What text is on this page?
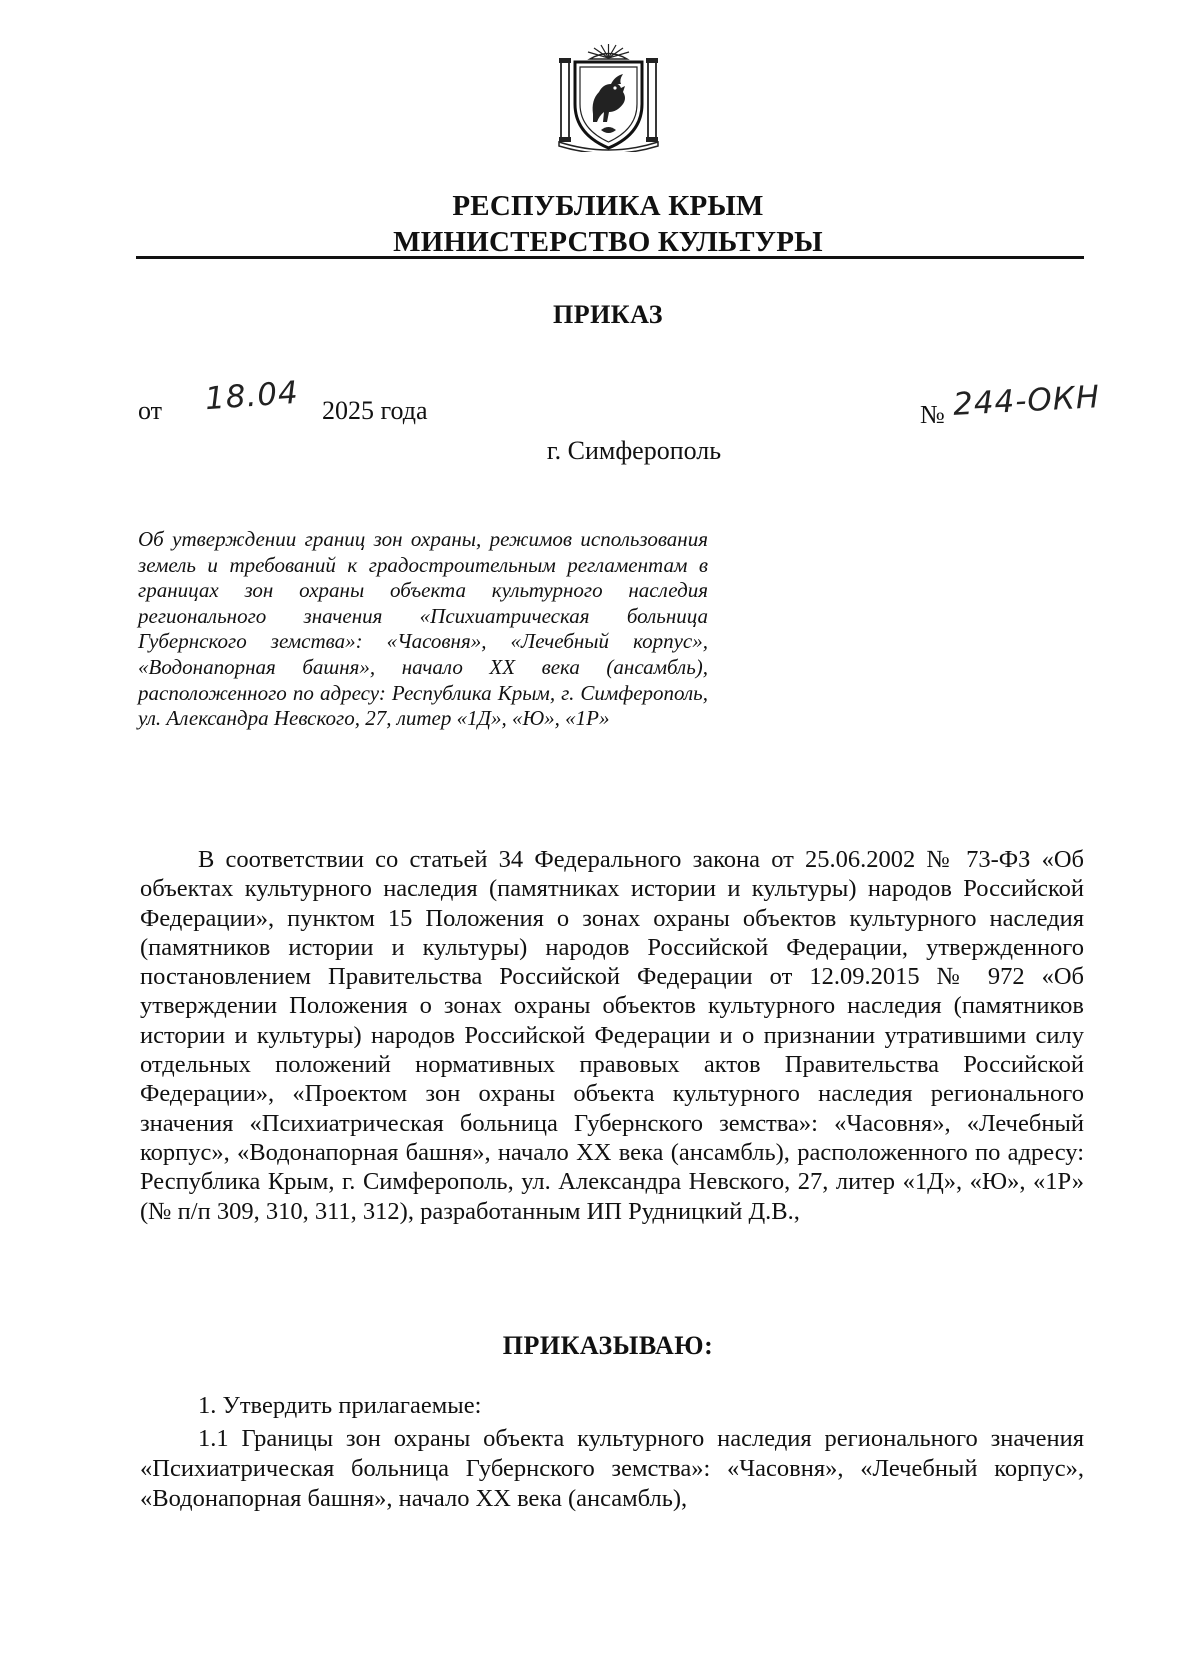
РЕСПУБЛИКА КРЫМ
МИНИСТЕРСТВО КУЛЬТУРЫ
ПРИКАЗ
от 18.04 2025 года	№ 244-ОКН
г. Симферополь
Об утверждении границ зон охраны, режимов использования земель и требований к градостроительным регламентам в границах зон охраны объекта культурного наследия регионального значения «Психиатрическая больница Губернского земства»: «Часовня», «Лечебный корпус», «Водонапорная башня», начало XX века (ансамбль), расположенного по адресу: Республика Крым, г. Симферополь, ул. Александра Невского, 27, литер «1Д», «Ю», «1Р»
В соответствии со статьей 34 Федерального закона от 25.06.2002 № 73-ФЗ «Об объектах культурного наследия (памятниках истории и культуры) народов Российской Федерации», пунктом 15 Положения о зонах охраны объектов культурного наследия (памятников истории и культуры) народов Российской Федерации, утвержденного постановлением Правительства Российской Федерации от 12.09.2015 № 972 «Об утверждении Положения о зонах охраны объектов культурного наследия (памятников истории и культуры) народов Российской Федерации и о признании утратившими силу отдельных положений нормативных правовых актов Правительства Российской Федерации», «Проектом зон охраны объекта культурного наследия регионального значения «Психиатрическая больница Губернского земства»: «Часовня», «Лечебный корпус», «Водонапорная башня», начало XX века (ансамбль), расположенного по адресу: Республика Крым, г. Симферополь, ул. Александра Невского, 27, литер «1Д», «Ю», «1Р» (№ п/п 309, 310, 311, 312), разработанным ИП Рудницкий Д.В.,
ПРИКАЗЫВАЮ:
1. Утвердить прилагаемые:
1.1 Границы зон охраны объекта культурного наследия регионального значения «Психиатрическая больница Губернского земства»: «Часовня», «Лечебный корпус», «Водонапорная башня», начало XX века (ансамбль),
